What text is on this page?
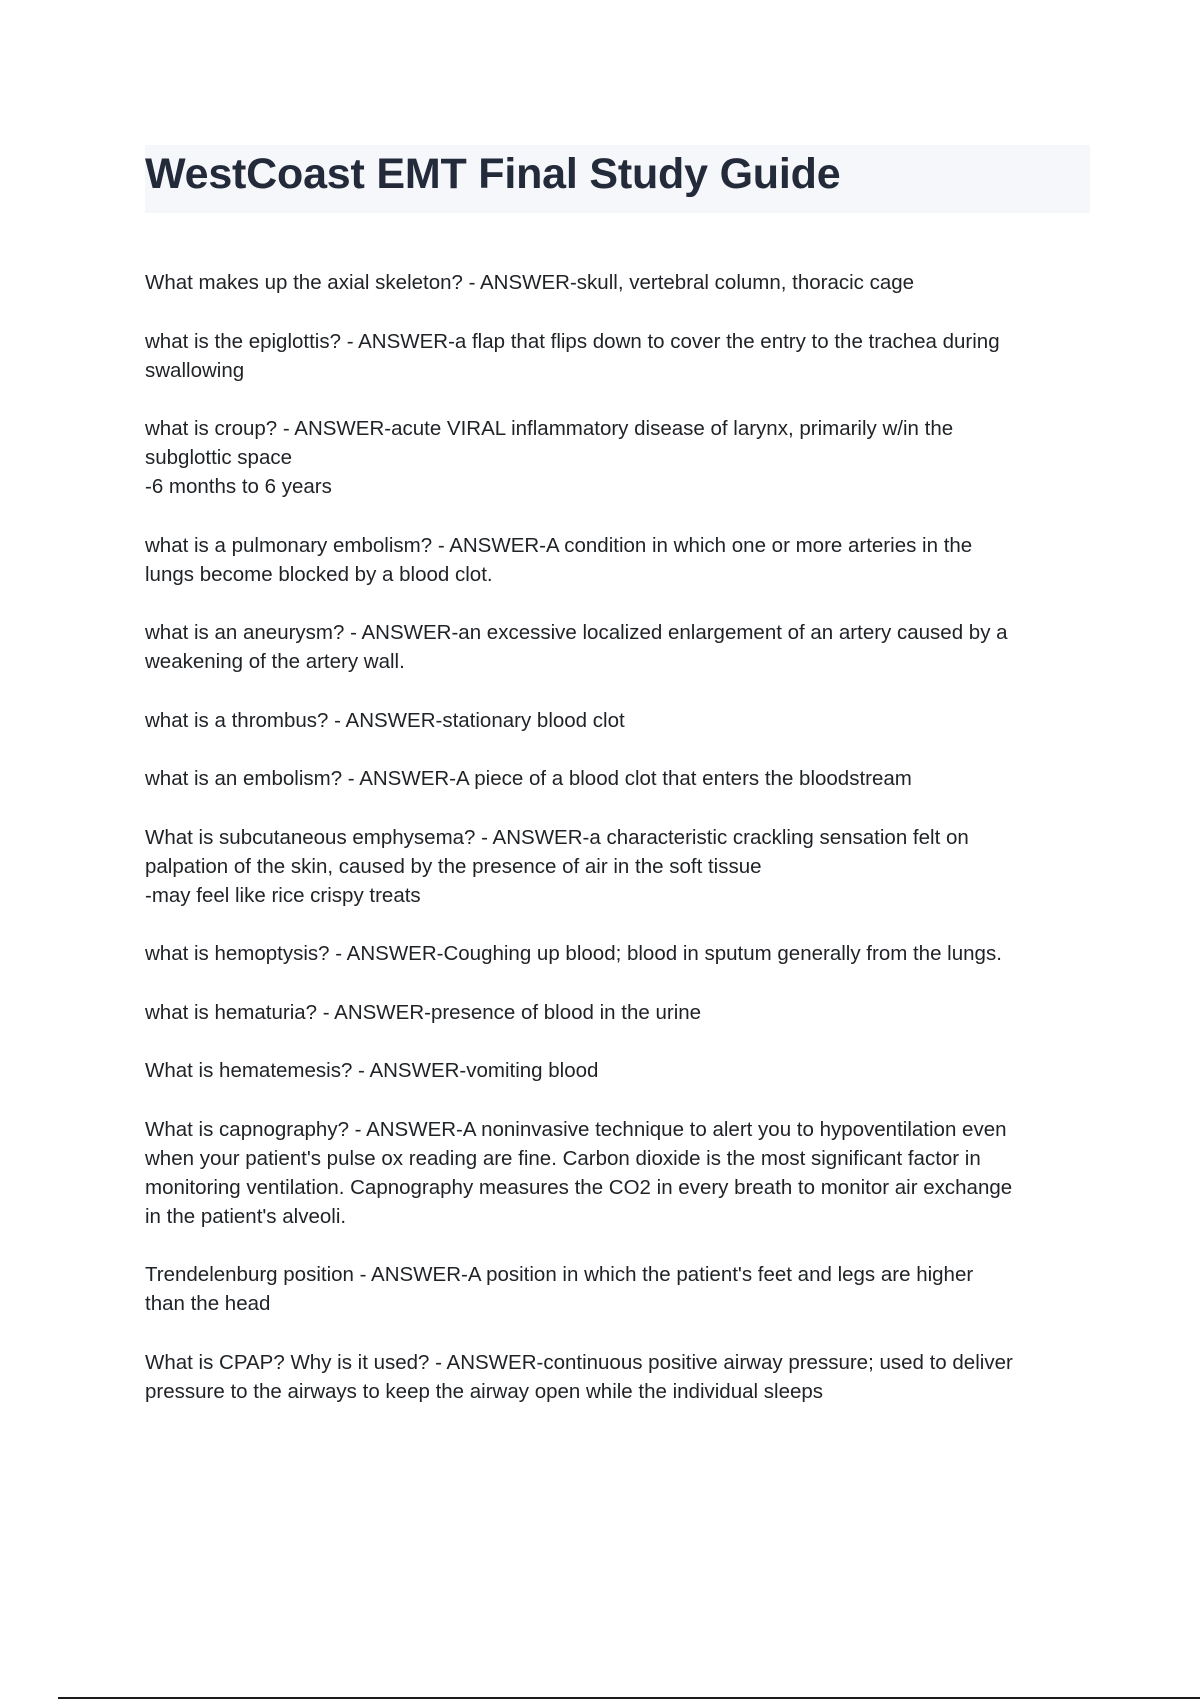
WestCoast EMT Final Study Guide
What makes up the axial skeleton? - ANSWER-skull, vertebral column, thoracic cage
what is the epiglottis? - ANSWER-a flap that flips down to cover the entry to the trachea during
swallowing
what is croup? - ANSWER-acute VIRAL inflammatory disease of larynx, primarily w/in the
subglottic space
-6 months to 6 years
what is a pulmonary embolism? - ANSWER-A condition in which one or more arteries in the
lungs become blocked by a blood clot.
what is an aneurysm? - ANSWER-an excessive localized enlargement of an artery caused by a
weakening of the artery wall.
what is a thrombus? - ANSWER-stationary blood clot
what is an embolism? - ANSWER-A piece of a blood clot that enters the bloodstream
What is subcutaneous emphysema? - ANSWER-a characteristic crackling sensation felt on
palpation of the skin, caused by the presence of air in the soft tissue
-may feel like rice crispy treats
what is hemoptysis? - ANSWER-Coughing up blood; blood in sputum generally from the lungs.
what is hematuria? - ANSWER-presence of blood in the urine
What is hematemesis? - ANSWER-vomiting blood
What is capnography? - ANSWER-A noninvasive technique to alert you to hypoventilation even
when your patient's pulse ox reading are fine. Carbon dioxide is the most significant factor in
monitoring ventilation. Capnography measures the CO2 in every breath to monitor air exchange
in the patient's alveoli.
Trendelenburg position - ANSWER-A position in which the patient's feet and legs are higher
than the head
What is CPAP? Why is it used? - ANSWER-continuous positive airway pressure; used to deliver
pressure to the airways to keep the airway open while the individual sleeps
